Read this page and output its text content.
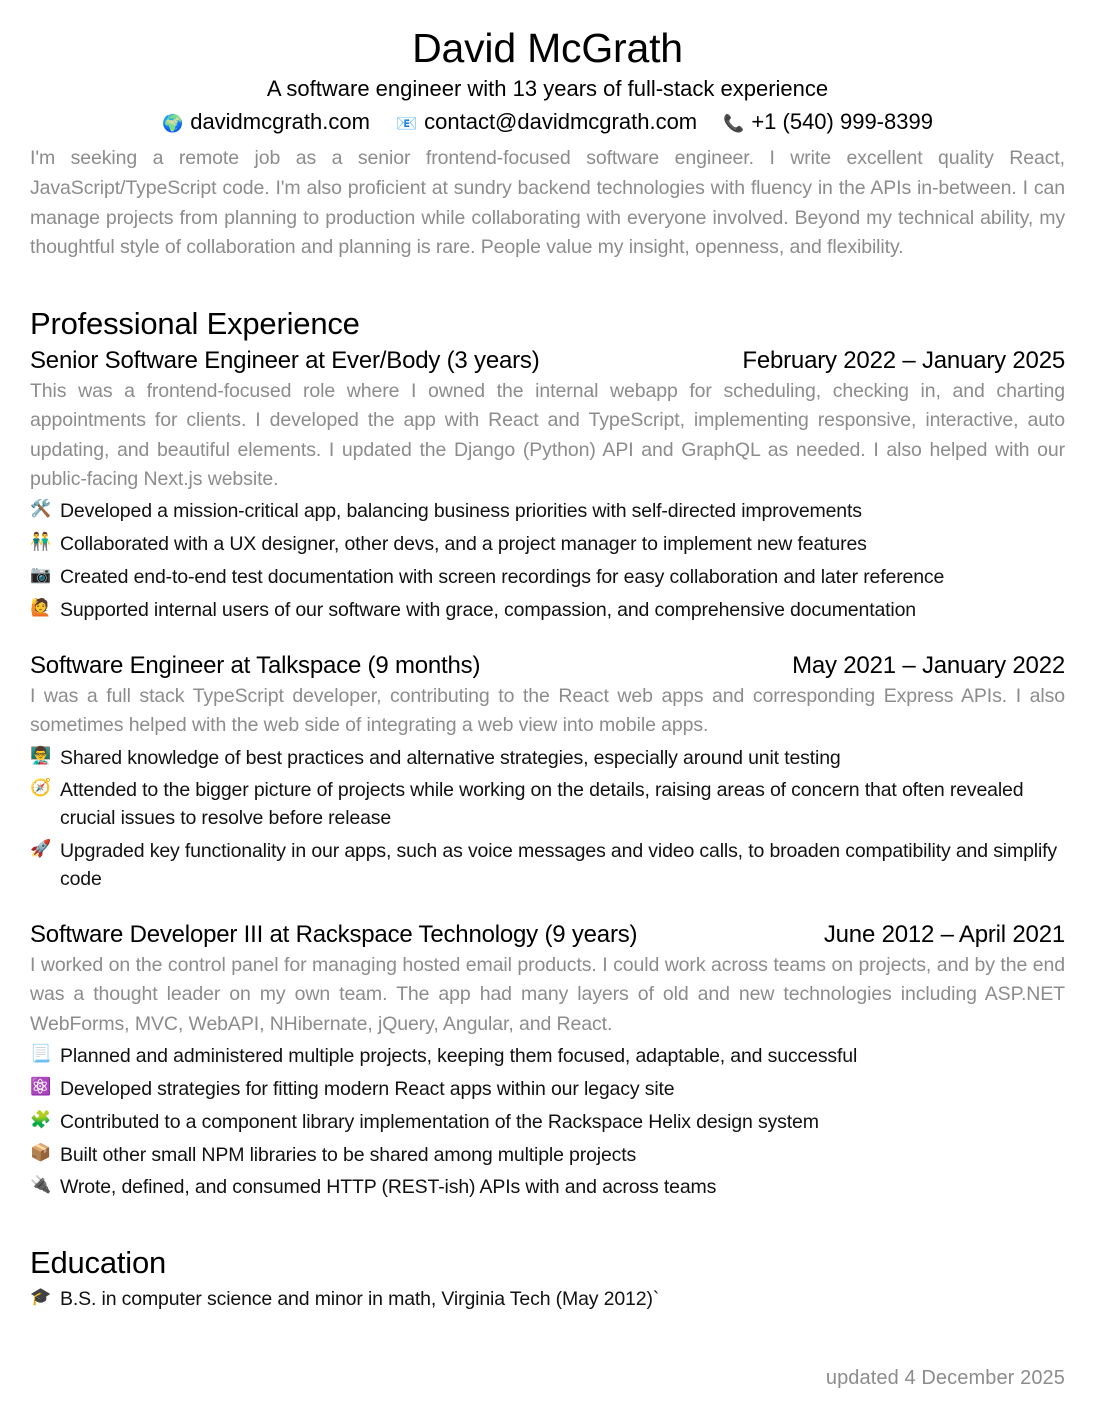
David McGrath
A software engineer with 13 years of full-stack experience
🌍 davidmcgrath.com 📧 contact@davidmcgrath.com 📞 +1 (540) 999-8399

I'm seeking a remote job as a senior frontend-focused software engineer. I write excellent quality React, JavaScript/TypeScript code. I'm also proficient at sundry backend technologies with fluency in the APIs in-between. I can manage projects from planning to production while collaborating with everyone involved. Beyond my technical ability, my thoughtful style of collaboration and planning is rare. People value my insight, openness, and flexibility.

Professional Experience
Senior Software Engineer at Ever/Body (3 years)	February 2022 – January 2025

This was a frontend-focused role where I owned the internal webapp for scheduling, checking in, and charting appointments for clients. I developed the app with React and TypeScript, implementing responsive, interactive, auto updating, and beautiful elements. I updated the Django (Python) API and GraphQL as needed. I also helped with our public-facing Next.js website.

🛠️ Developed a mission-critical app, balancing business priorities with self-directed improvements
👬 Collaborated with a UX designer, other devs, and a project manager to implement new features
📷 Created end-to-end test documentation with screen recordings for easy collaboration and later reference
🙋 Supported internal users of our software with grace, compassion, and comprehensive documentation
Software Engineer at Talkspace (9 months)	May 2021 – January 2022

I was a full stack TypeScript developer, contributing to the React web apps and corresponding Express APIs. I also sometimes helped with the web side of integrating a web view into mobile apps.

👨‍🏫 Shared knowledge of best practices and alternative strategies, especially around unit testing
🧭 Attended to the bigger picture of projects while working on the details, raising areas of concern that often revealed crucial issues to resolve before release
🚀 Upgraded key functionality in our apps, such as voice messages and video calls, to broaden compatibility and simplify code
Software Developer III at Rackspace Technology (9 years)	June 2012 – April 2021

I worked on the control panel for managing hosted email products. I could work across teams on projects, and by the end was a thought leader on my own team. The app had many layers of old and new technologies including ASP.NET WebForms, MVC, WebAPI, NHibernate, jQuery, Angular, and React.

📃 Planned and administered multiple projects, keeping them focused, adaptable, and successful
⚛️ Developed strategies for fitting modern React apps within our legacy site
🧩 Contributed to a component library implementation of the Rackspace Helix design system
📦 Built other small NPM libraries to be shared among multiple projects
🔌 Wrote, defined, and consumed HTTP (REST-ish) APIs with and across teams
Education
🎓 B.S. in computer science and minor in math, Virginia Tech (May 2012)`
updated 4 December 2025
